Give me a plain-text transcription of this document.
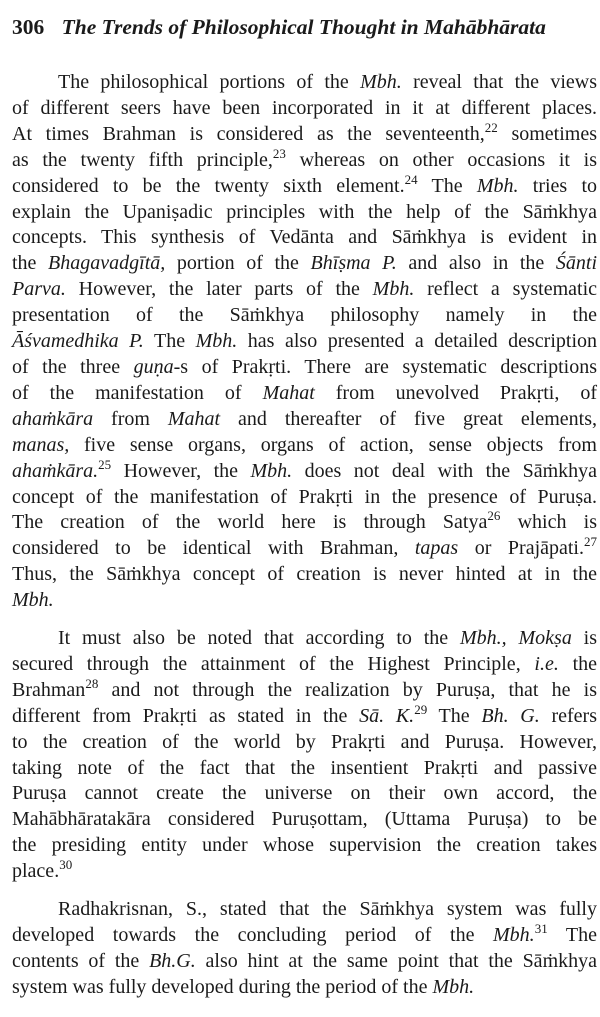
306 The Trends of Philosophical Thought in Mahābhārata

The philosophical portions of the Mbh. reveal that the views
of different seers have been incorporated in it at different places.
At times Brahman is considered as the seventeenth,$^{22}$ sometimes
as the twenty fifth principle,$^{23}$ whereas on other occasions it is
considered to be the twenty sixth element.$^{24}$ The Mbh. tries to
explain the Upaniṣadic principles with the help of the Sāṁkhya
concepts. This synthesis of Vedānta and Sāṁkhya is evident in
the Bhagavadgītā, portion of the Bhīṣma P. and also in the Śānti
Parva. However, the later parts of the Mbh. reflect a systematic
presentation of the Sāṁkhya philosophy namely in the
Āśvamedhika P. The Mbh. has also presented a detailed description
of the three guṇa-s of Prakṛti. There are systematic descriptions
of the manifestation of Mahat from unevolved Prakṛti, of
ahaṁkāra from Mahat and thereafter of five great elements,
manas, five sense organs, organs of action, sense objects from
ahaṁkāra.$^{25}$ However, the Mbh. does not deal with the Sāṁkhya
concept of the manifestation of Prakṛti in the presence of Puruṣa.
The creation of the world here is through Satya$^{26}$ which is
considered to be identical with Brahman, tapas or Prajāpati.$^{27}$
Thus, the Sāṁkhya concept of creation is never hinted at in the
Mbh.

It must also be noted that according to the Mbh., Mokṣa is
secured through the attainment of the Highest Principle, i.e. the
Brahman$^{28}$ and not through the realization by Puruṣa, that he is
different from Prakṛti as stated in the Sā. K.$^{29}$ The Bh. G. refers
to the creation of the world by Prakṛti and Puruṣa. However,
taking note of the fact that the insentient Prakṛti and passive
Puruṣa cannot create the universe on their own accord, the
Mahābhāratakāra considered Puruṣottam, (Uttama Puruṣa) to be
the presiding entity under whose supervision the creation takes
place.$^{30}$

Radhakrisnan, S., stated that the Sāṁkhya system was fully
developed towards the concluding period of the Mbh.$^{31}$ The
contents of the Bh.G. also hint at the same point that the Sāṁkhya
system was fully developed during the period of the Mbh.
